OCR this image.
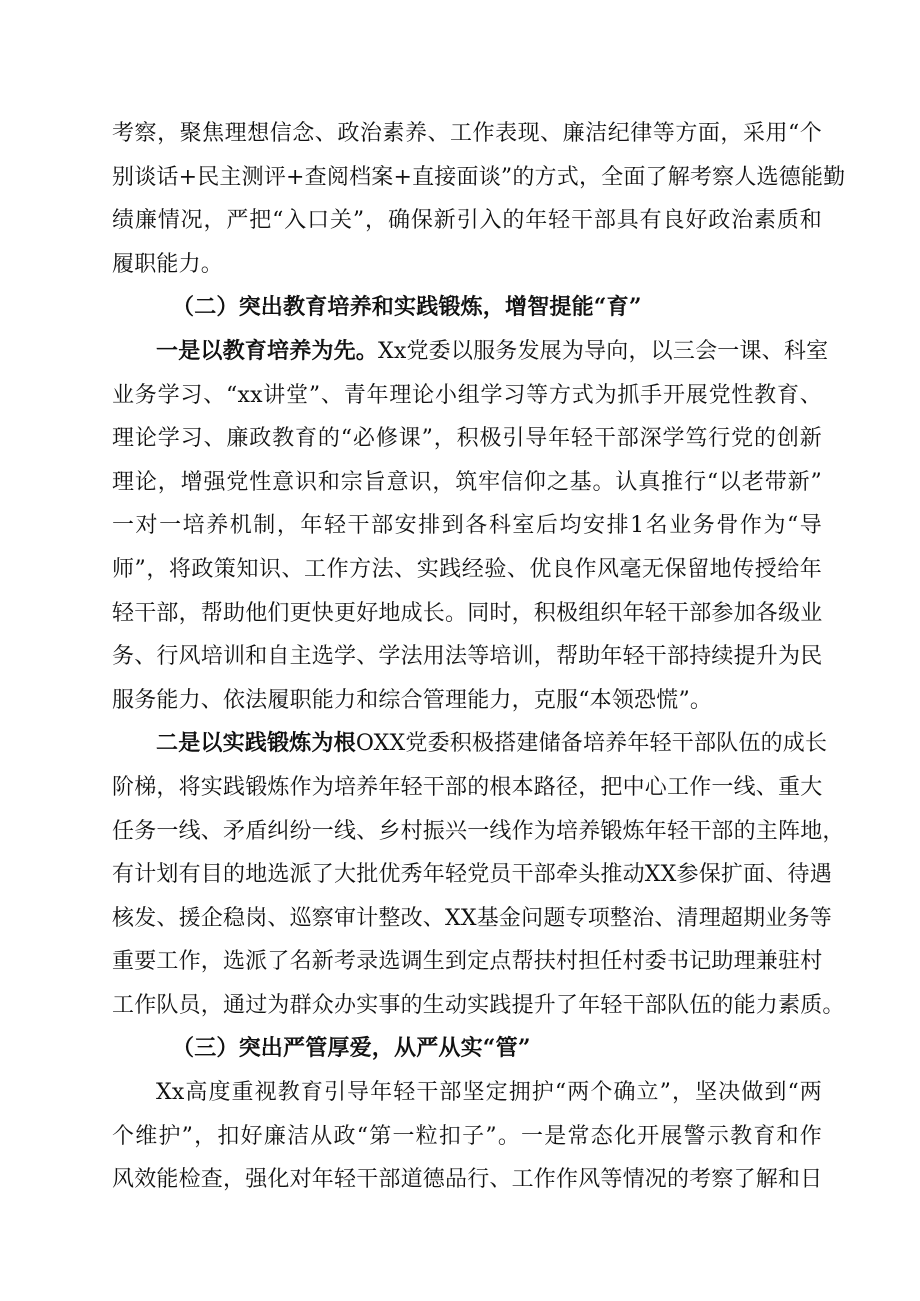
考察，聚焦理想信念、政治素养、工作表现、廉洁纪律等方面，采用“个
别谈话+民主测评+查阅档案+直接面谈”的方式，全面了解考察人选德能勤
绩廉情况，严把“入口关”，确保新引入的年轻干部具有良好政治素质和
履职能力。
（二）突出教育培养和实践锻炼，增智提能“育”
一是以教育培养为先。Xx党委以服务发展为导向，以三会一课、科室
业务学习、“xx讲堂”、青年理论小组学习等方式为抓手开展党性教育、
理论学习、廉政教育的“必修课”，积极引导年轻干部深学笃行党的创新
理论，增强党性意识和宗旨意识，筑牢信仰之基。认真推行“以老带新”
一对一培养机制，年轻干部安排到各科室后均安排1名业务骨作为“导
师”，将政策知识、工作方法、实践经验、优良作风毫无保留地传授给年
轻干部，帮助他们更快更好地成长。同时，积极组织年轻干部参加各级业
务、行风培训和自主选学、学法用法等培训，帮助年轻干部持续提升为民
服务能力、依法履职能力和综合管理能力，克服“本领恐慌”。
二是以实践锻炼为根OXX党委积极搭建储备培养年轻干部队伍的成长
阶梯，将实践锻炼作为培养年轻干部的根本路径，把中心工作一线、重大
任务一线、矛盾纠纷一线、乡村振兴一线作为培养锻炼年轻干部的主阵地，
有计划有目的地选派了大批优秀年轻党员干部牵头推动XX参保扩面、待遇
核发、援企稳岗、巡察审计整改、XX基金问题专项整治、清理超期业务等
重要工作，选派了名新考录选调生到定点帮扶村担任村委书记助理兼驻村
工作队员，通过为群众办实事的生动实践提升了年轻干部队伍的能力素质。
（三）突出严管厚爱，从严从实“管”
Xx高度重视教育引导年轻干部坚定拥护“两个确立”，坚决做到“两
个维护”，扣好廉洁从政“第一粒扣子”。一是常态化开展警示教育和作
风效能检查，强化对年轻干部道德品行、工作作风等情况的考察了解和日
